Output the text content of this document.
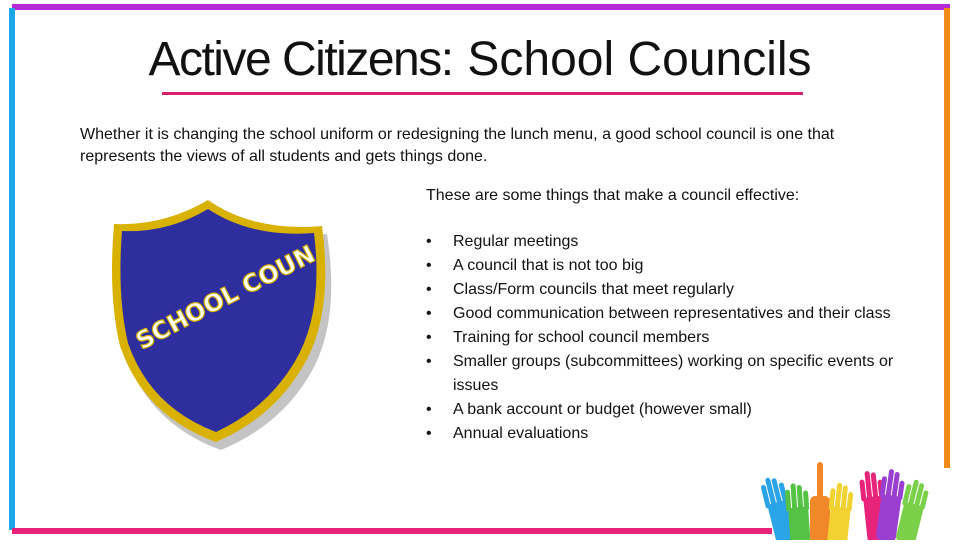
Active Citizens: School Councils
Whether it is changing the school uniform or redesigning the lunch menu, a good school council is one that represents the views of all students and gets things done.
SCHOOL COUN
These are some things that make a council effective:
• Regular meetings
• A council that is not too big
• Class/Form councils that meet regularly
• Good communication between representatives and their class
• Training for school council members
• Smaller groups (subcommittees) working on specific events or issues
• A bank account or budget (however small)
• Annual evaluations
